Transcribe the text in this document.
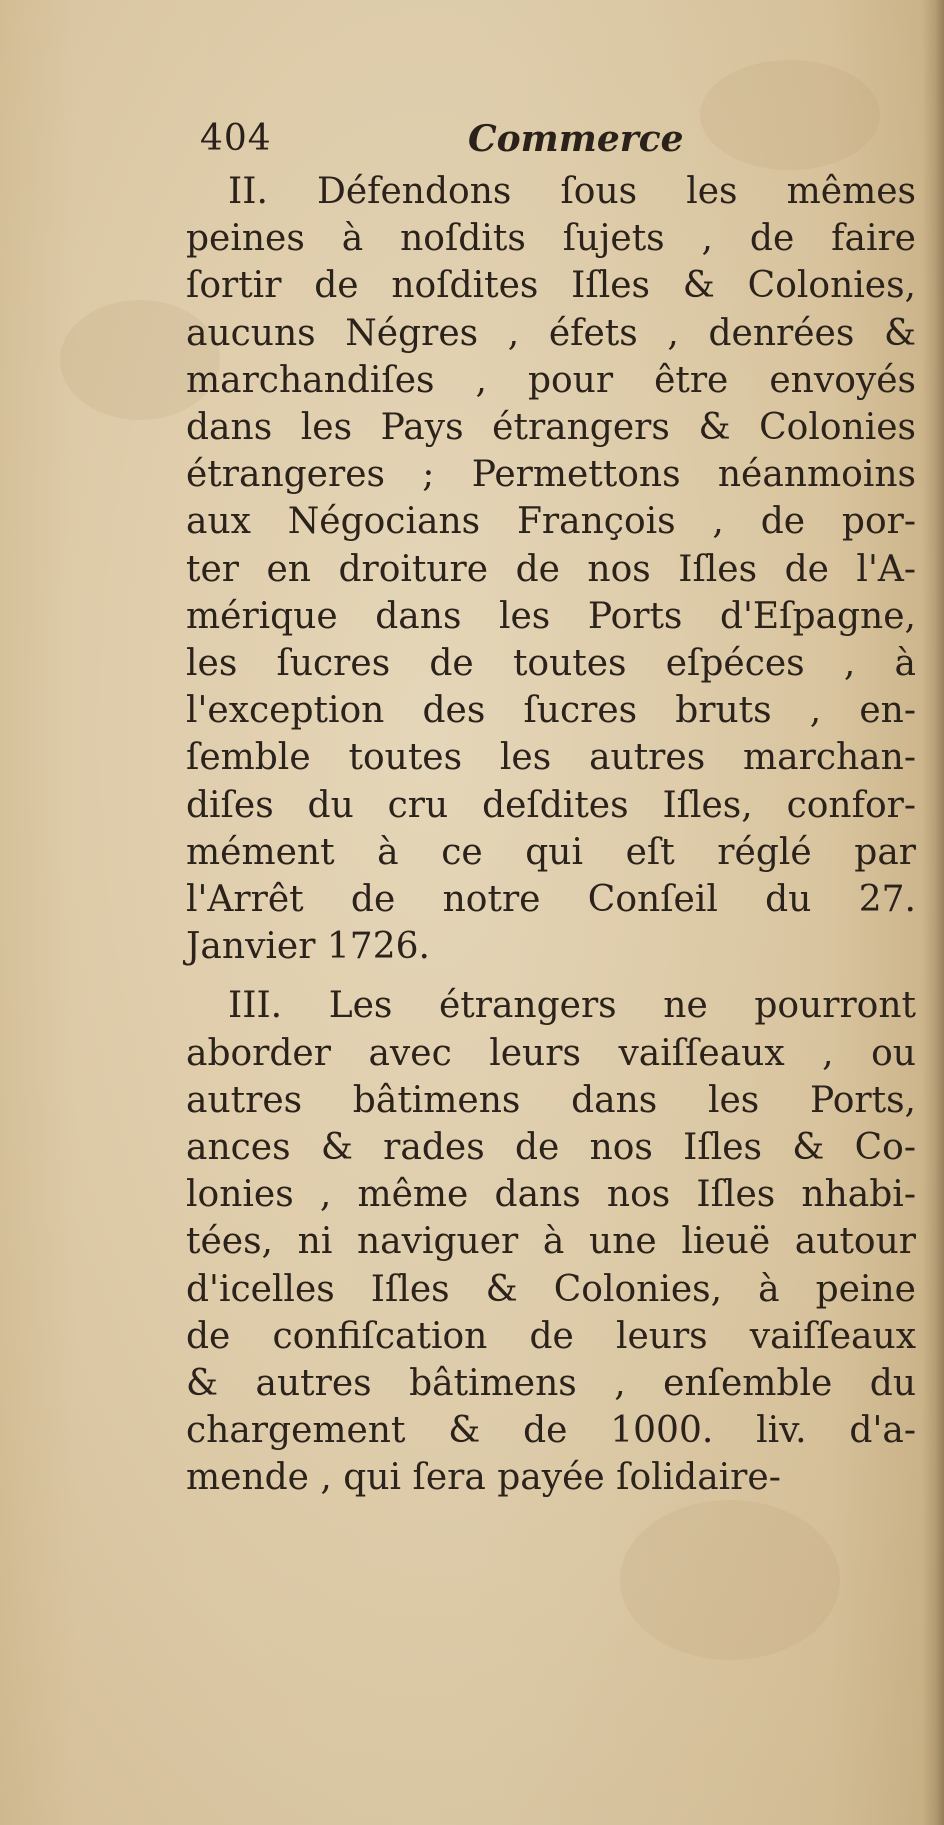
404	Commerce
II. Défendons ſous les mêmes
peines à noſdits ſujets , de faire
ſortir de noſdites Iſles & Colonies,
aucuns Négres , éfets , denrées &
marchandiſes , pour être envoyés
dans les Pays étrangers & Colonies
étrangeres ; Permettons néanmoins
aux Négocians François , de por-
ter en droiture de nos Iſles de l'A-
mérique dans les Ports d'Eſpagne,
les ſucres de toutes eſpéces , à
l'exception des ſucres bruts , en-
ſemble toutes les autres marchan-
diſes du cru deſdites Iſles, confor-
mément à ce qui eſt réglé par
l'Arrêt de notre Conſeil du 27.
Janvier 1726.
III. Les étrangers ne pourront
aborder avec leurs vaiſſeaux , ou
autres bâtimens dans les Ports,
ances & rades de nos Iſles & Co-
lonies , même dans nos Iſles nhabi-
tées, ni naviguer à une lieuë autour
d'icelles Iſles & Colonies, à peine
de confiſcation de leurs vaiſſeaux
& autres bâtimens , enſemble du
chargement & de 1000. liv. d'a-
mende , qui ſera payée ſolidaire-
